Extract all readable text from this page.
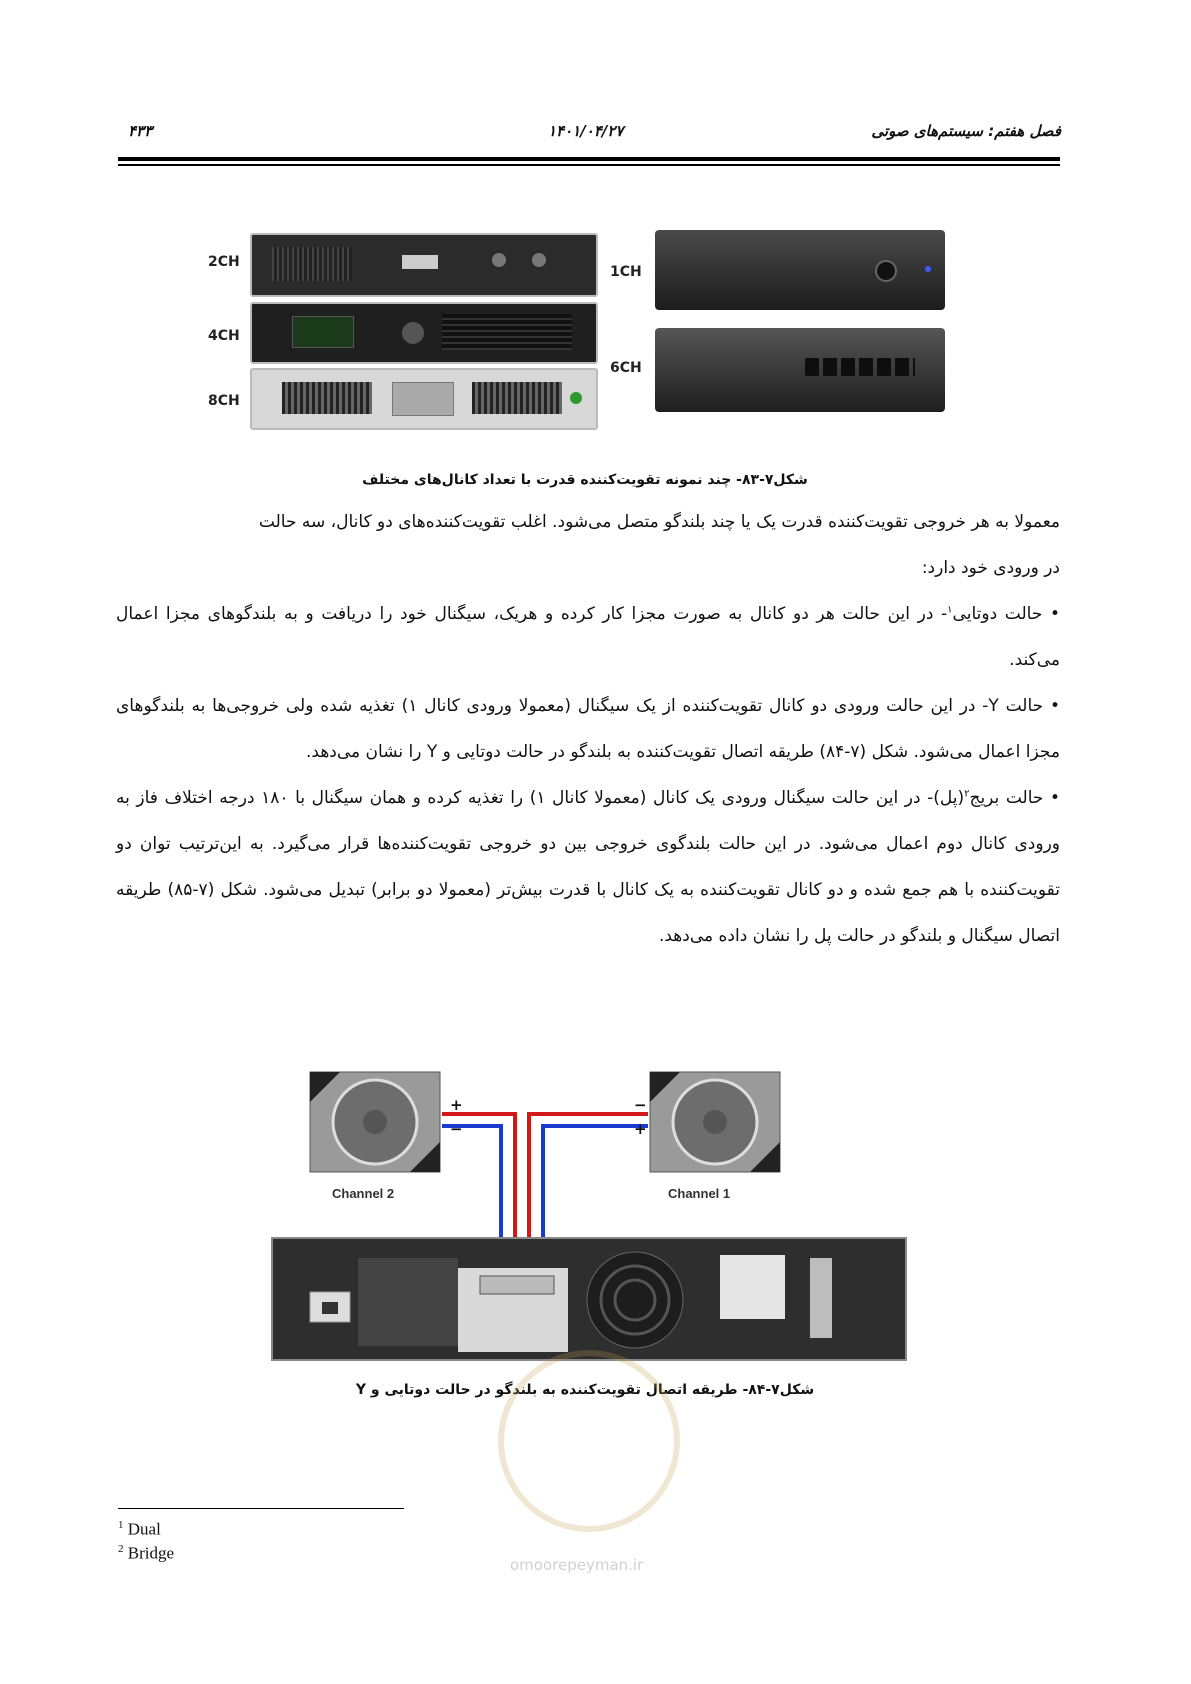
فصل هفتم: سیستم‌های صوتی
۱۴۰۱/۰۴/۲۷
۴۳۳
2CH
4CH
8CH
1CH
6CH
شکل۷-۸۳- چند نمونه تقویت‌کننده قدرت با تعداد کانال‌های مختلف

معمولا به هر خروجی تقویت‌کننده قدرت یک یا چند بلندگو متصل می‌شود. اغلب تقویت‌کننده‌های دو کانال، سه حالت
در ورودی خود دارد:

• حالت دوتایی$^۱$- در این حالت هر دو کانال به صورت مجزا کار کرده و هریک، سیگنال خود را دریافت و به بلندگوهای مجزا اعمال می‌کند.

• حالت Y- در این حالت ورودی دو کانال تقویت‌کننده از یک سیگنال (معمولا ورودی کانال ۱) تغذیه شده ولی خروجی‌ها به بلندگوهای مجزا اعمال می‌شود. شکل (۷-۸۴) طریقه اتصال تقویت‌کننده به بلندگو در حالت دوتایی و Y را نشان می‌دهد.

• حالت بریج$^۲$(پل)- در این حالت سیگنال ورودی یک کانال (معمولا کانال ۱) را تغذیه کرده و همان سیگنال با ۱۸۰ درجه اختلاف فاز به ورودی کانال دوم اعمال می‌شود. در این حالت بلندگوی خروجی بین دو خروجی تقویت‌کننده‌ها قرار می‌گیرد. به این‌ترتیب توان دو تقویت‌کننده با هم جمع شده و دو کانال تقویت‌کننده به یک کانال با قدرت بیش‌تر (معمولا دو برابر) تبدیل می‌شود. شکل (۷-۸۵) طریقه اتصال سیگنال و بلندگو در حالت پل را نشان داده می‌دهد.

+
−
−
+
Channel 2	Channel 1
شکل۷-۸۴- طریقه اتصال تقویت‌کننده به بلندگو در حالت دوتایی و Y
omoorepeyman.ir
$^1$ Dual
$^2$ Bridge
